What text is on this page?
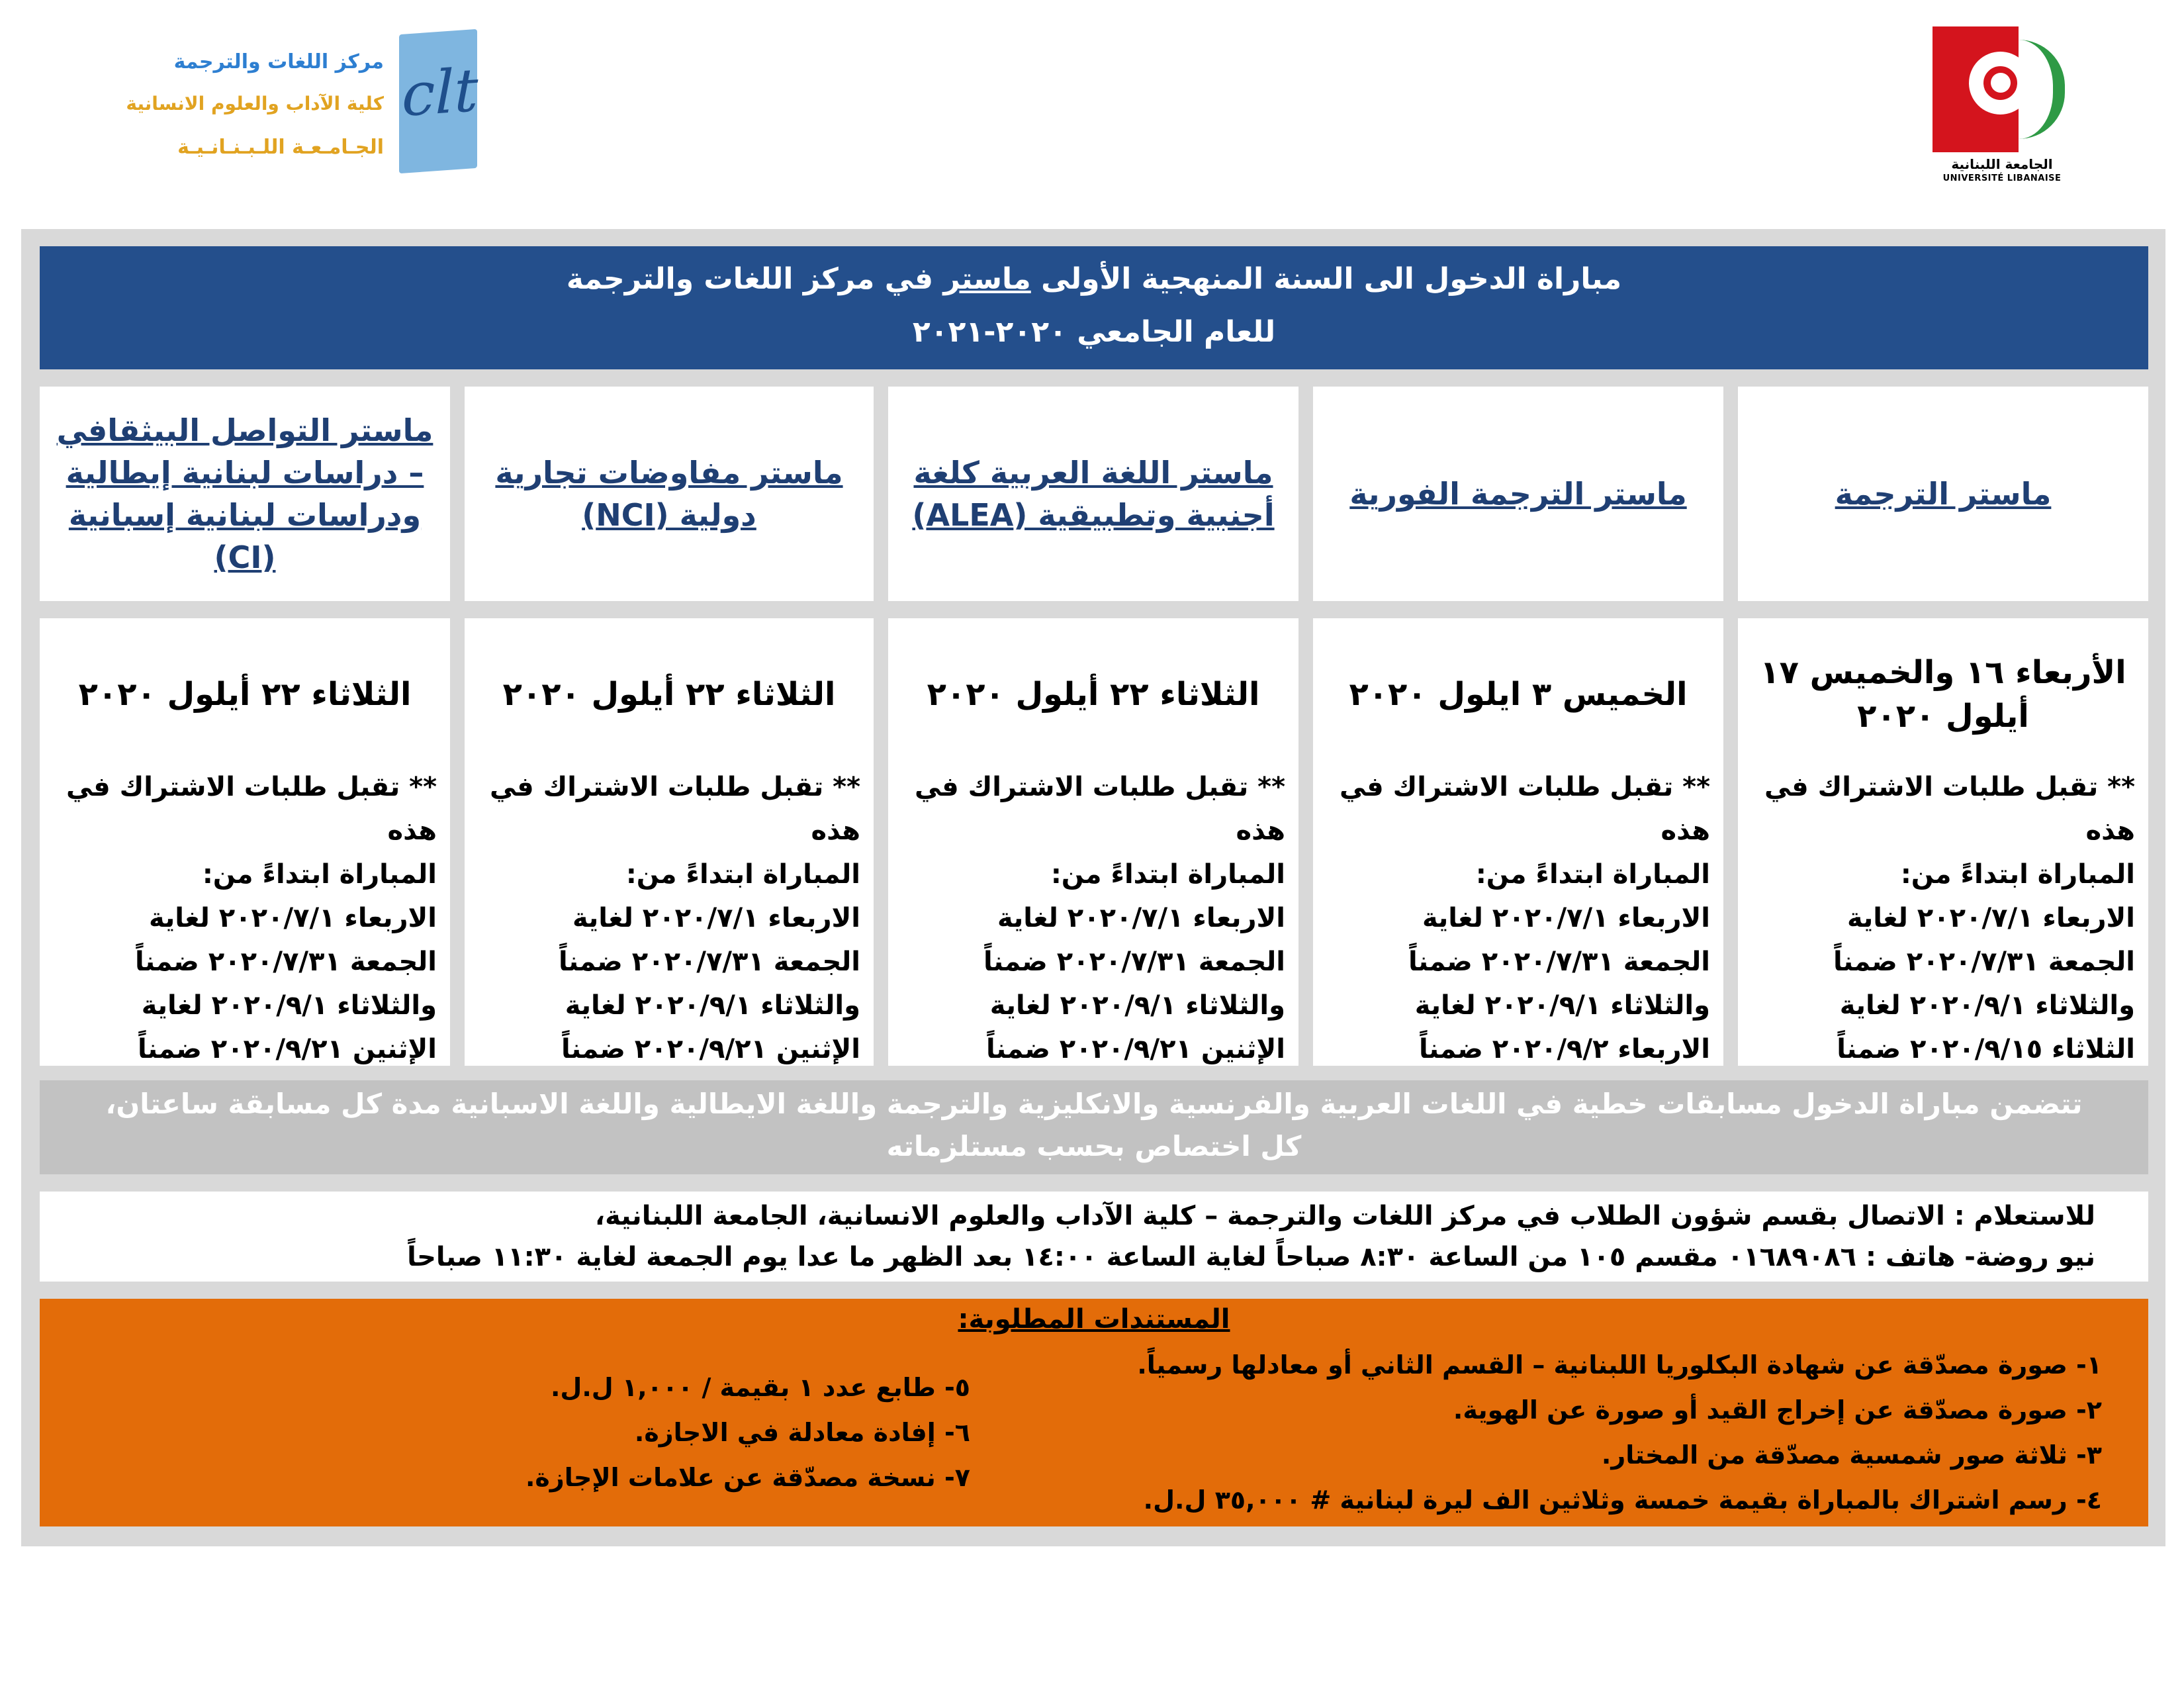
الجامعة اللبنانية
UNIVERSITÉ LIBANAISE
clt
مركز اللغات والترجمة
كلية الآداب والعلوم الانسانية
الجـامـعـة اللـبـنـانـيـة
مباراة الدخول الى السنة المنهجية الأولى ماستر في مركز اللغات والترجمة
للعام الجامعي ٢٠٢٠-٢٠٢١
ماستر الترجمة
ماستر الترجمة الفورية
ماستر اللغة العربية كلغة أجنبية وتطبيقية (ALEA)
ماستر مفاوضات تجارية دولية (NCI)
ماستر التواصل البيثقافي – دراسات لبنانية إيطالية ودراسات لبنانية إسبانية (CI)
الأربعاء ١٦ والخميس ١٧ أيلول ٢٠٢٠
** تقبل طلبات الاشتراك في هذه
المباراة ابتداءً من:
الاربعاء ٢٠٢٠/٧/١ لغاية
الجمعة ٢٠٢٠/٧/٣١ ضمناً
والثلاثاء ٢٠٢٠/٩/١ لغاية
الثلاثاء ٢٠٢٠/٩/١٥ ضمناً
الخميس ٣ ايلول ٢٠٢٠
** تقبل طلبات الاشتراك في هذه
المباراة ابتداءً من:
الاربعاء ٢٠٢٠/٧/١ لغاية
الجمعة ٢٠٢٠/٧/٣١ ضمناً
والثلاثاء ٢٠٢٠/٩/١ لغاية
الاربعاء ٢٠٢٠/٩/٢ ضمناً
الثلاثاء ٢٢ أيلول ٢٠٢٠
** تقبل طلبات الاشتراك في هذه
المباراة ابتداءً من:
الاربعاء ٢٠٢٠/٧/١ لغاية
الجمعة ٢٠٢٠/٧/٣١ ضمناً
والثلاثاء ٢٠٢٠/٩/١ لغاية
الإثنين ٢٠٢٠/٩/٢١ ضمناً
الثلاثاء ٢٢ أيلول ٢٠٢٠
** تقبل طلبات الاشتراك في هذه
المباراة ابتداءً من:
الاربعاء ٢٠٢٠/٧/١ لغاية
الجمعة ٢٠٢٠/٧/٣١ ضمناً
والثلاثاء ٢٠٢٠/٩/١ لغاية
الإثنين ٢٠٢٠/٩/٢١ ضمناً
الثلاثاء ٢٢ أيلول ٢٠٢٠
** تقبل طلبات الاشتراك في هذه
المباراة ابتداءً من:
الاربعاء ٢٠٢٠/٧/١ لغاية
الجمعة ٢٠٢٠/٧/٣١ ضمناً
والثلاثاء ٢٠٢٠/٩/١ لغاية
الإثنين ٢٠٢٠/٩/٢١ ضمناً
تتضمن مباراة الدخول مسابقات خطية في اللغات العربية والفرنسية والانكليزية والترجمة واللغة الايطالية واللغة الاسبانية مدة كل مسابقة ساعتان،
كل اختصاص بحسب مستلزماته
للاستعلام : الاتصال بقسم شؤون الطلاب في مركز اللغات والترجمة – كلية الآداب والعلوم الانسانية، الجامعة اللبنانية،
نيو روضة- هاتف : ٠١٦٨٩٠٨٦ مقسم ١٠٥ من الساعة ٨:٣٠ صباحاً لغاية الساعة ١٤:٠٠ بعد الظهر ما عدا يوم الجمعة لغاية ١١:٣٠ صباحاً
المستندات المطلوبة:
١- صورة مصدّقة عن شهادة البكلوريا اللبنانية – القسم الثاني أو معادلها رسمياً.
٢- صورة مصدّقة عن إخراج القيد أو صورة عن الهوية.
٣- ثلاثة صور شمسية مصدّقة من المختار.
٤- رسم اشتراك بالمباراة بقيمة خمسة وثلاثين الف ليرة لبنانية # ٣٥,٠٠٠ ل.ل.
٥- طابع عدد ١ بقيمة / ١,٠٠٠ ل.ل.
٦- إفادة معادلة في الاجازة.
٧- نسخة مصدّقة عن علامات الإجازة.
